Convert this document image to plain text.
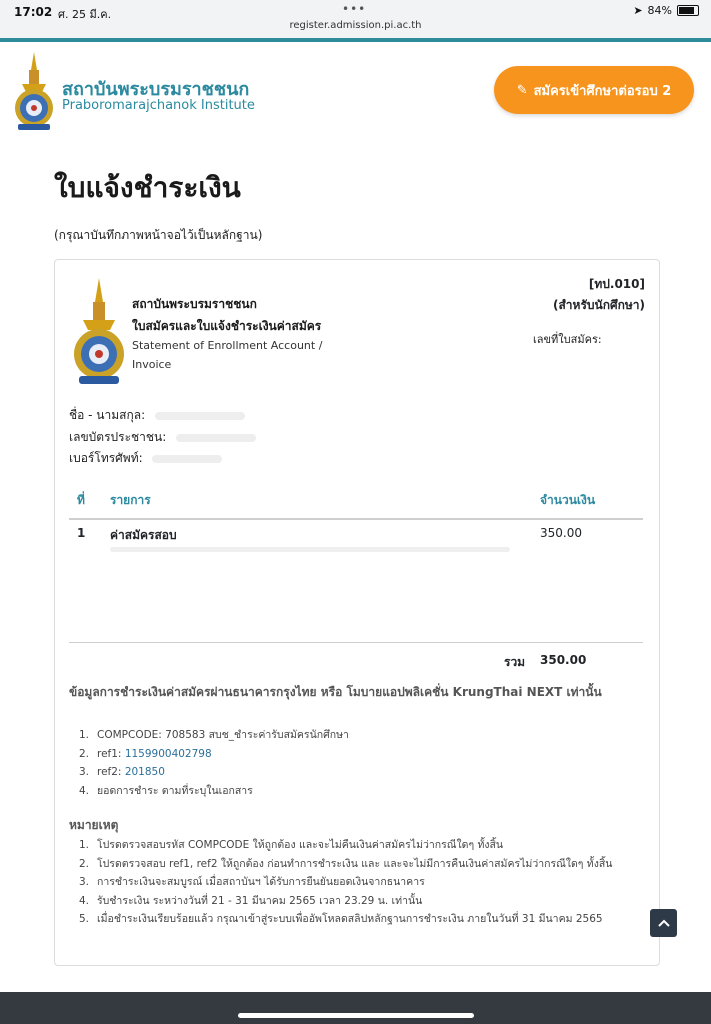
17:02 ศ. 25 มี.ค.	•••
register.admission.pi.ac.th
➤ 84%
สถาบันพระบรมราชชนก
Praboromarajchanok Institute
✎ สมัครเข้าศึกษาต่อรอบ 2
ใบแจ้งชำระเงิน
(กรุณาบันทึกภาพหน้าจอไว้เป็นหลักฐาน)
สถาบันพระบรมราชชนก
ใบสมัครและใบแจ้งชำระเงินค่าสมัคร
Statement of Enrollment Account / Invoice
[ทป.010]
(สำหรับนักศึกษา)
เลขที่ใบสมัคร:
ชื่อ - นามสกุล:
เลขบัตรประชาชน:
เบอร์โทรศัพท์:
ที่ รายการ	จำนวนเงิน
1 ค่าสมัครสอบ	350.00
รวม 350.00
ข้อมูลการชำระเงินค่าสมัครผ่านธนาคารกรุงไทย หรือ โมบายแอปพลิเคชั่น KrungThai NEXT เท่านั้น
1. COMPCODE: 708583 สบช_ชำระค่ารับสมัครนักศึกษา
2. ref1: 1159900402798
3. ref2: 201850
4. ยอดการชำระ ตามที่ระบุในเอกสาร
หมายเหตุ
1. โปรดตรวจสอบรหัส COMPCODE ให้ถูกต้อง และจะไม่คืนเงินค่าสมัครไม่ว่ากรณีใดๆ ทั้งสิ้น
2. โปรดตรวจสอบ ref1, ref2 ให้ถูกต้อง ก่อนทำการชำระเงิน และ และจะไม่มีการคืนเงินค่าสมัครไม่ว่ากรณีใดๆ ทั้งสิ้น
3. การชำระเงินจะสมบูรณ์ เมื่อสถาบันฯ ได้รับการยืนยันยอดเงินจากธนาคาร
4. รับชำระเงิน ระหว่างวันที่ 21 - 31 มีนาคม 2565 เวลา 23.29 น. เท่านั้น
5. เมื่อชำระเงินเรียบร้อยแล้ว กรุณาเข้าสู่ระบบเพื่ออัพโหลดสลิปหลักฐานการชำระเงิน ภายในวันที่ 31 มีนาคม 2565
